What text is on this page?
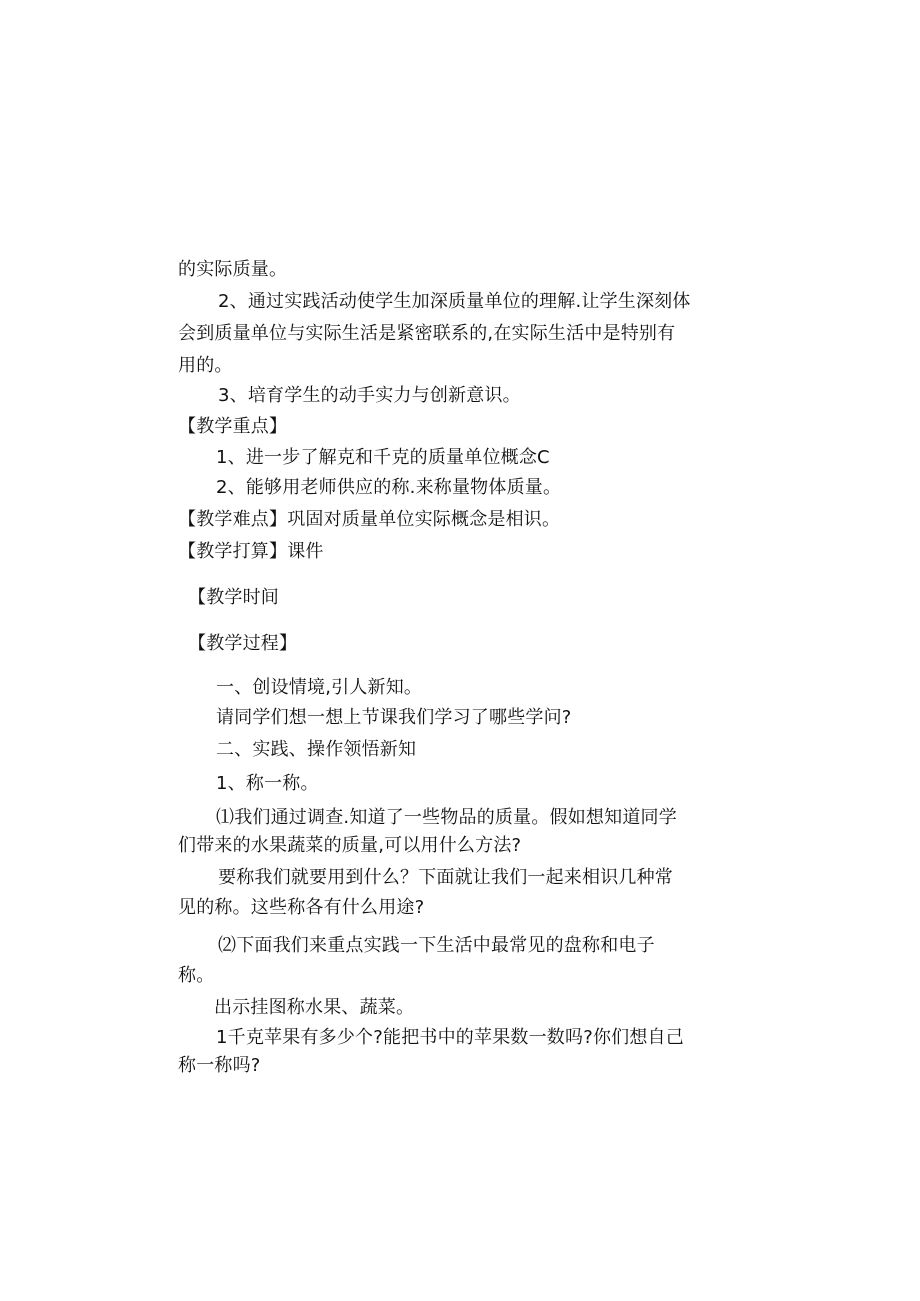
的实际质量。
2、通过实践活动使学生加深质量单位的理解.让学生深刻体
会到质量单位与实际生活是紧密联系的,在实际生活中是特别有
用的。
3、培育学生的动手实力与创新意识。
【教学重点】
1、进一步了解克和千克的质量单位概念C
2、能够用老师供应的称.来称量物体质量。
【教学难点】巩固对质量单位实际概念是相识。
【教学打算】课件
【教学时间
【教学过程】
一、创设情境,引人新知。
请同学们想一想上节课我们学习了哪些学问?
二、实践、操作领悟新知
1、称一称。
⑴我们通过调查.知道了一些物品的质量。假如想知道同学
们带来的水果蔬菜的质量,可以用什么方法?
要称我们就要用到什么？下面就让我们一起来相识几种常
见的称。这些称各有什么用途?
⑵下面我们来重点实践一下生活中最常见的盘称和电子
称。
出示挂图称水果、蔬菜。
1千克苹果有多少个?能把书中的苹果数一数吗?你们想自己
称一称吗?
